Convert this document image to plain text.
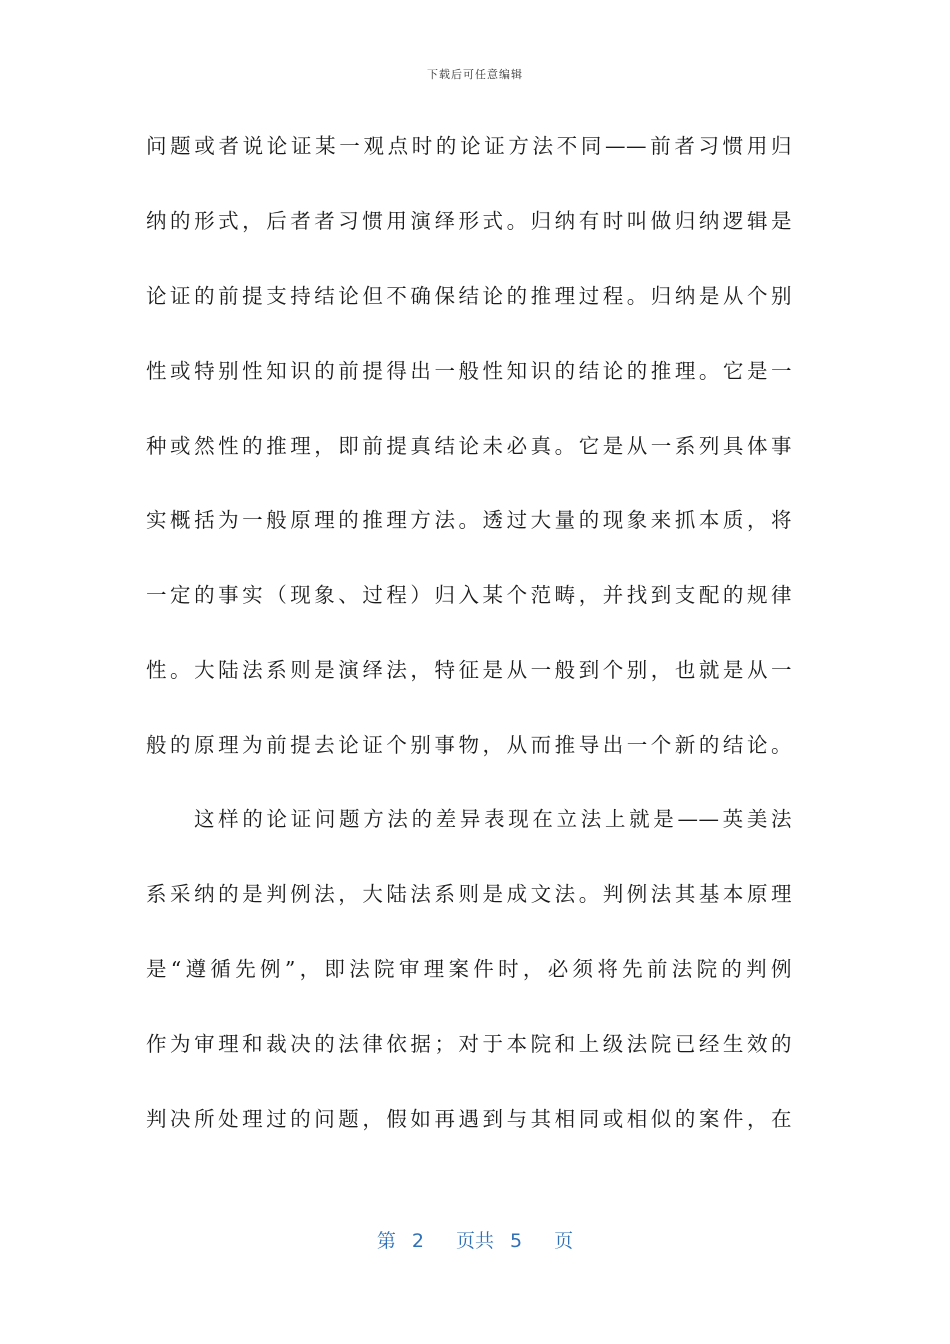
下载后可任意编辑
问题或者说论证某一观点时的论证方法不同——前者习惯用归
纳的形式，后者者习惯用演绎形式。归纳有时叫做归纳逻辑是
论证的前提支持结论但不确保结论的推理过程。归纳是从个别
性或特别性知识的前提得出一般性知识的结论的推理。它是一
种或然性的推理，即前提真结论未必真。它是从一系列具体事
实概括为一般原理的推理方法。透过大量的现象来抓本质，将
一定的事实（现象、过程）归入某个范畴，并找到支配的规律
性。大陆法系则是演绎法，特征是从一般到个别，也就是从一
般的原理为前提去论证个别事物，从而推导出一个新的结论。
这样的论证问题方法的差异表现在立法上就是——英美法
系采纳的是判例法，大陆法系则是成文法。判例法其基本原理
是“遵循先例”，即法院审理案件时，必须将先前法院的判例
作为审理和裁决的法律依据；对于本院和上级法院已经生效的
判决所处理过的问题，假如再遇到与其相同或相似的案件，在
第 2 页共 5 页
